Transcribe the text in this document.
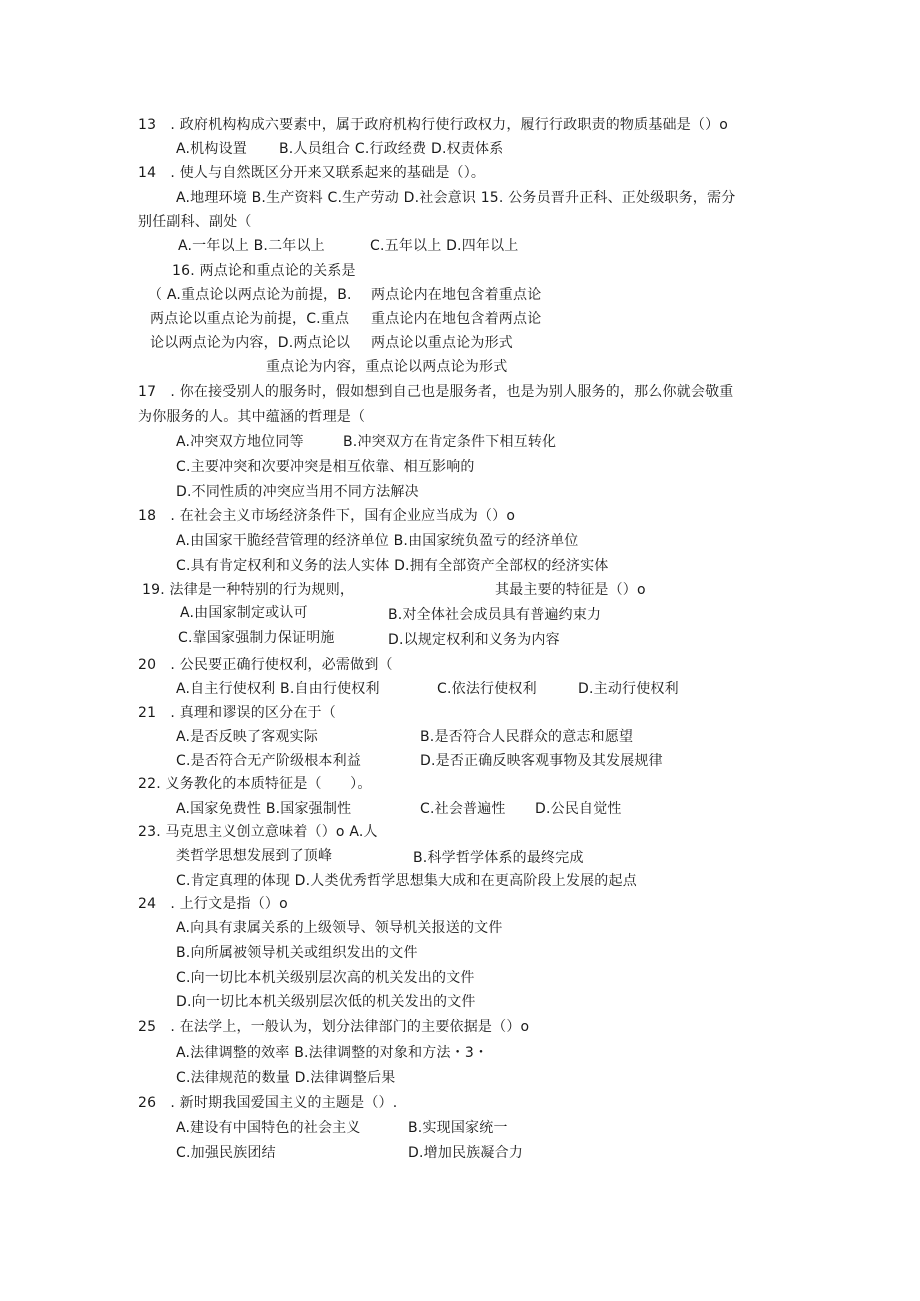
13　. 政府机构构成六要素中，属于政府机构行使行政权力，履行行政职责的物质基础是（）o
A.机构设置 B.人员组合 C.行政经费 D.权责体系
14　. 使人与自然既区分开来又联系起来的基础是（）。
A.地理环境 B.生产资料 C.生产劳动 D.社会意识 15. 公务员晋升正科、正处级职务，需分
别任副科、副处（
A.一年以上 B.二年以上	C.五年以上 D.四年以上
16. 两点论和重点论的关系是
（ A.重点论以两点论为前提，B. 两点论内在地包含着重点论
两点论以重点论为前提，C.重点 重点论内在地包含着两点论
论以两点论为内容，D.两点论以 两点论以重点论为形式
重点论为内容，重点论以两点论为形式
17　. 你在接受别人的服务时，假如想到自己也是服务者，也是为别人服务的，那么你就会敬重
为你服务的人。其中蕴涵的哲理是（
A.冲突双方地位同等	B.冲突双方在肯定条件下相互转化
C.主要冲突和次要冲突是相互依靠、相互影响的
D.不同性质的冲突应当用不同方法解决
18　. 在社会主义市场经济条件下，国有企业应当成为（）o
A.由国家干脆经营管理的经济单位 B.由国家统负盈亏的经济单位
C.具有肯定权利和义务的法人实体 D.拥有全部资产全部权的经济实体
19. 法律是一种特别的行为规则，	其最主要的特征是（）o
A.由国家制定或认可	B.对全体社会成员具有普遍约束力
C.靠国家强制力保证明施	D.以规定权利和义务为内容
20　. 公民要正确行使权利，必需做到（
A.自主行使权利 B.自由行使权利	C.依法行使权利	D.主动行使权利
21　. 真理和谬误的区分在于（
A.是否反映了客观实际	B.是否符合人民群众的意志和愿望
C.是否符合无产阶级根本利益	D.是否正确反映客观事物及其发展规律
22. 义务教化的本质特征是（　　）。
A.国家免费性 B.国家强制性	C.社会普遍性 D.公民自觉性
23. 马克思主义创立意味着（）o A.人
类哲学思想发展到了顶峰	B.科学哲学体系的最终完成
C.肯定真理的体现 D.人类优秀哲学思想集大成和在更高阶段上发展的起点
24　. 上行文是指（）o
A.向具有隶属关系的上级领导、领导机关报送的文件
B.向所属被领导机关或组织发出的文件
C.向一切比本机关级别层次高的机关发出的文件
D.向一切比本机关级别层次低的机关发出的文件
25　. 在法学上，一般认为，划分法律部门的主要依据是（）o
A.法律调整的效率 B.法律调整的对象和方法・3・
C.法律规范的数量 D.法律调整后果
26　. 新时期我国爱国主义的主题是（）.
A.建设有中国特色的社会主义	B.实现国家统一
C.加强民族团结	D.增加民族凝合力
